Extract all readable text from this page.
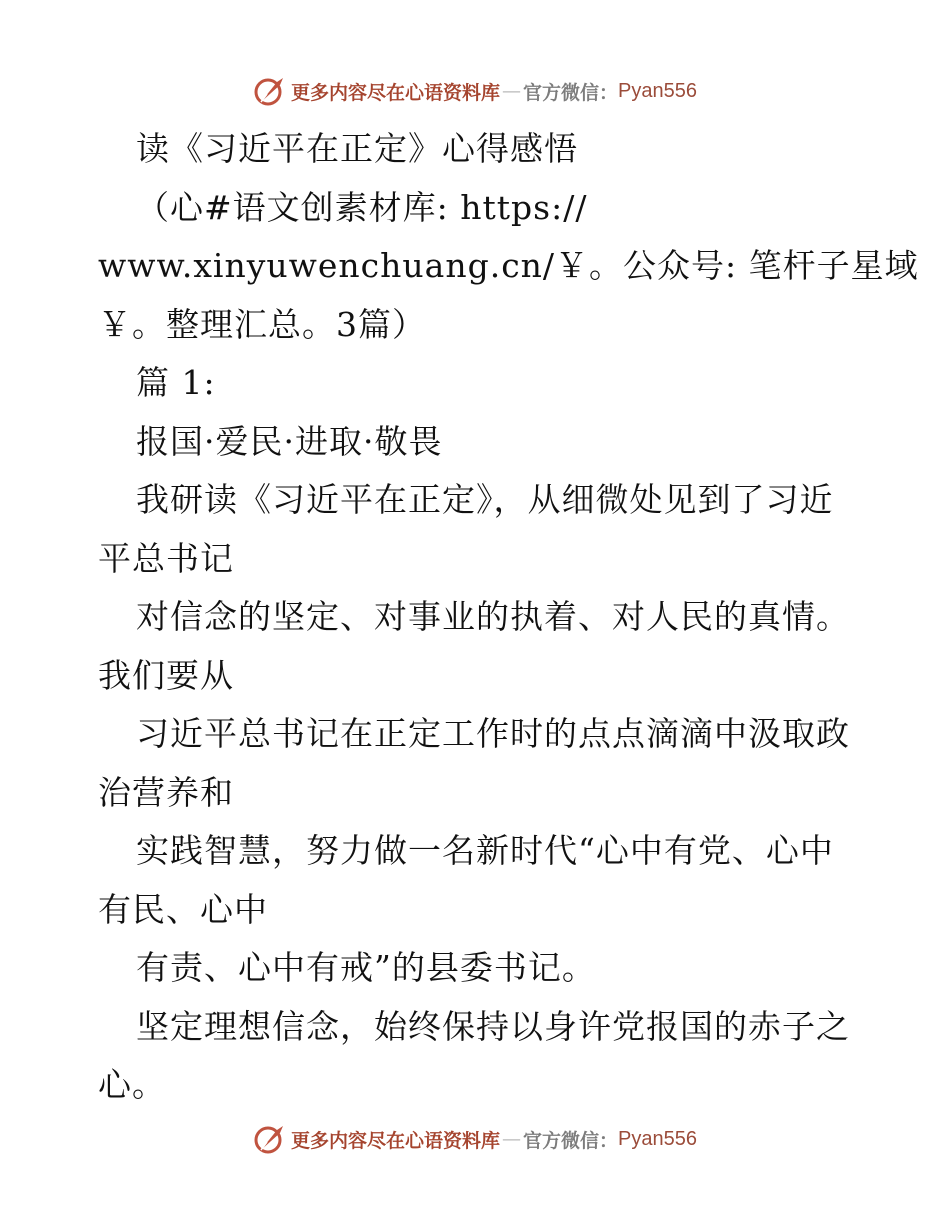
更多内容尽在心语资料库 — 官方微信： Pyan556
读《习近平在正定》心得感悟
（心#语文创素材库: https://
www.xinyuwenchuang.cn/￥。公众号: 笔杆子星域
￥。整理汇总。3篇）
篇 1:
报国·爱民·进取·敬畏
我研读《习近平在正定》，从细微处见到了习近
平总书记
对信念的坚定、对事业的执着、对人民的真情。
我们要从
习近平总书记在正定工作时的点点滴滴中汲取政
治营养和
实践智慧，努力做一名新时代“心中有党、心中
有民、心中
有责、心中有戒”的县委书记。
坚定理想信念，始终保持以身许党报国的赤子之
心。
更多内容尽在心语资料库 — 官方微信： Pyan556
